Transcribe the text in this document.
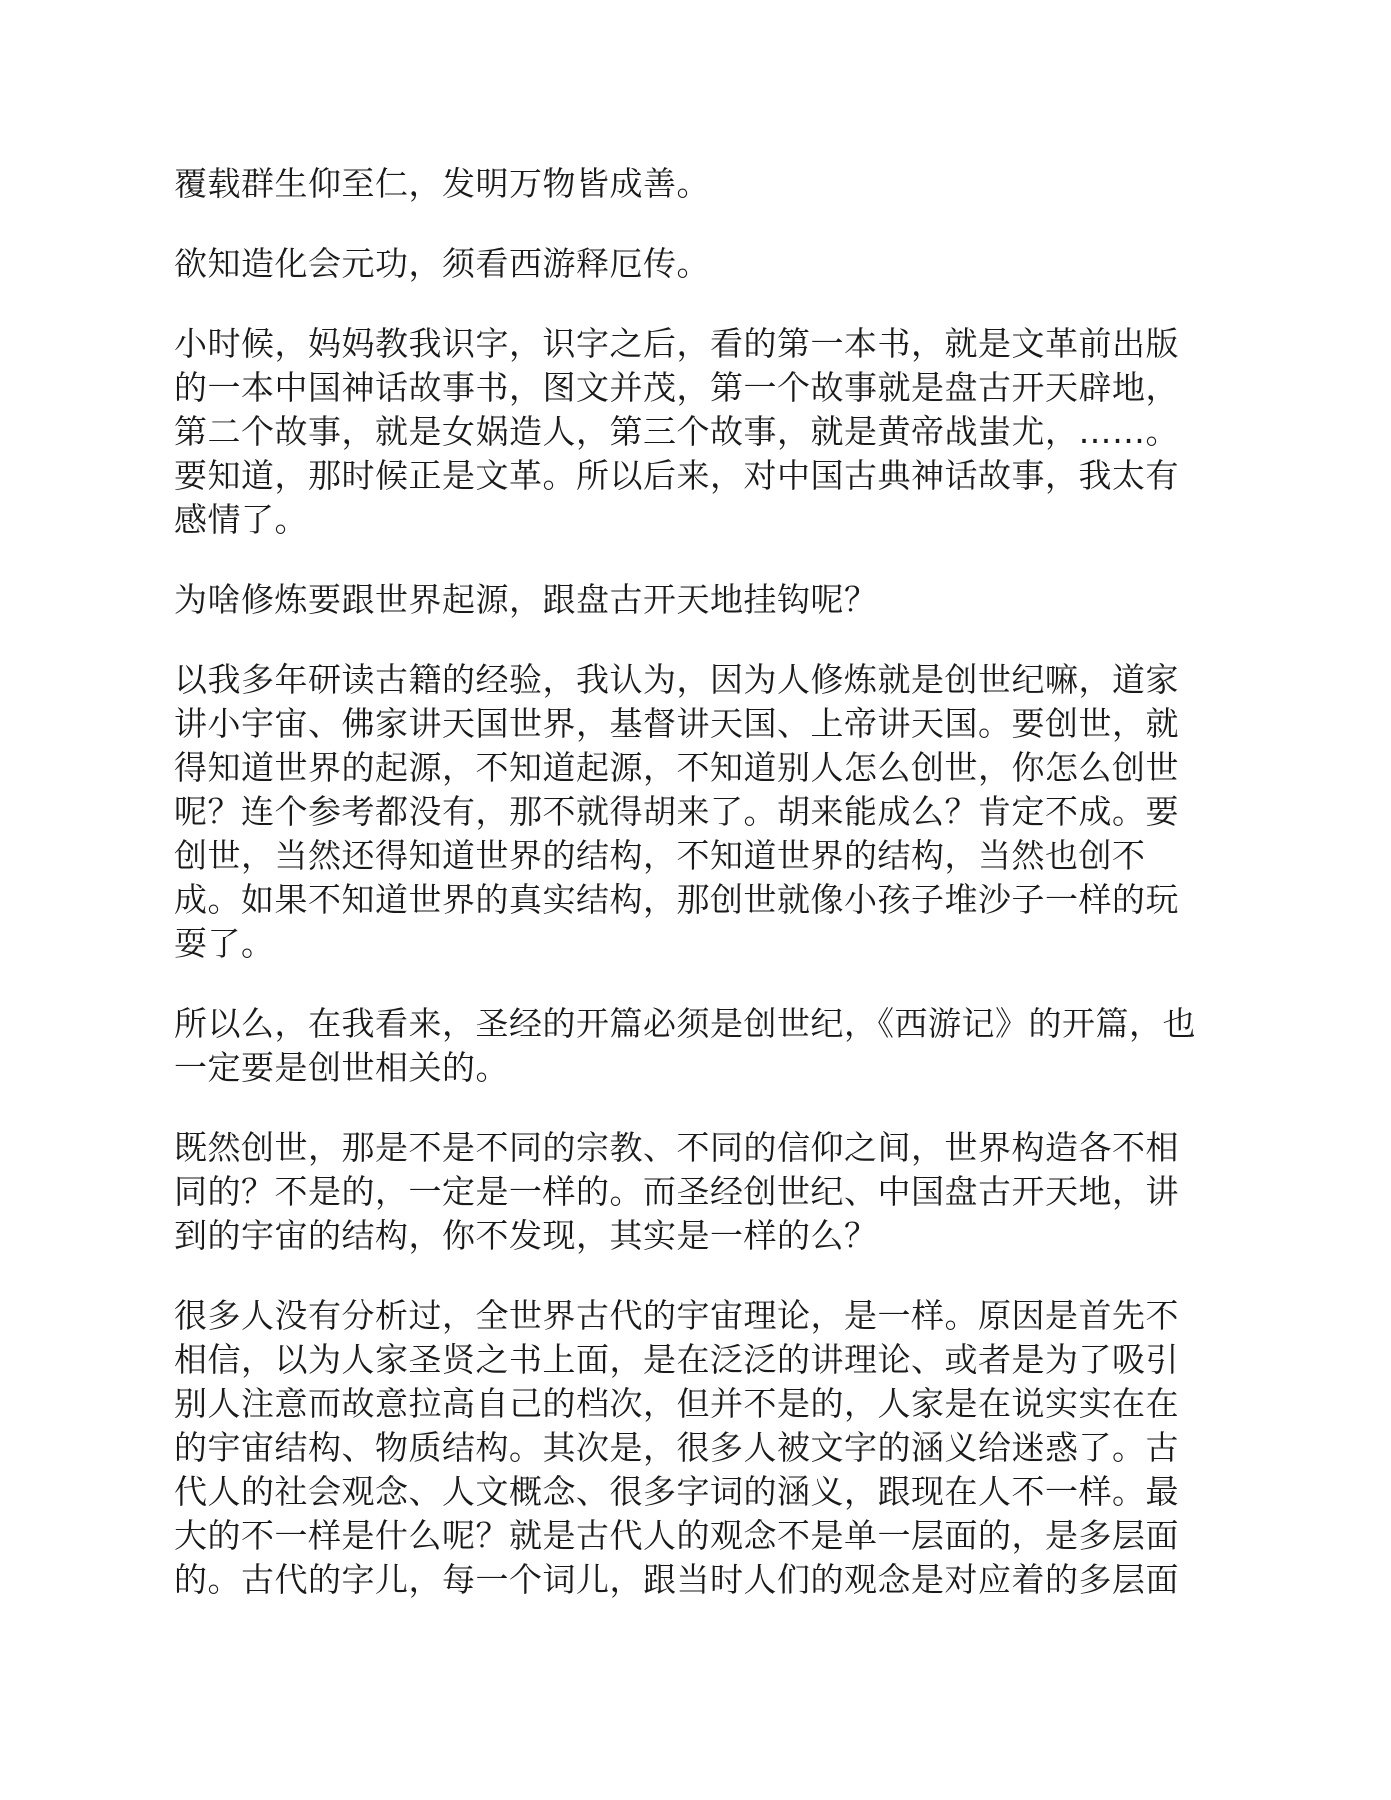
覆载群生仰至仁，发明万物皆成善。

欲知造化会元功，须看西游释厄传。

小时候，妈妈教我识字，识字之后，看的第一本书，就是文革前出版的一本中国神话故事书，图文并茂，第一个故事就是盘古开天辟地，第二个故事，就是女娲造人，第三个故事，就是黄帝战蚩尤，……。要知道，那时候正是文革。所以后来，对中国古典神话故事，我太有感情了。

为啥修炼要跟世界起源，跟盘古开天地挂钩呢？

以我多年研读古籍的经验，我认为，因为人修炼就是创世纪嘛，道家讲小宇宙、佛家讲天国世界，基督讲天国、上帝讲天国。要创世，就得知道世界的起源，不知道起源，不知道别人怎么创世，你怎么创世呢？连个参考都没有，那不就得胡来了。胡来能成么？肯定不成。要创世，当然还得知道世界的结构，不知道世界的结构，当然也创不成。如果不知道世界的真实结构，那创世就像小孩子堆沙子一样的玩耍了。

所以么，在我看来，圣经的开篇必须是创世纪，《西游记》的开篇，也一定要是创世相关的。

既然创世，那是不是不同的宗教、不同的信仰之间，世界构造各不相同的？不是的，一定是一样的。而圣经创世纪、中国盘古开天地，讲到的宇宙的结构，你不发现，其实是一样的么？

很多人没有分析过，全世界古代的宇宙理论，是一样。原因是首先不相信，以为人家圣贤之书上面，是在泛泛的讲理论、或者是为了吸引别人注意而故意拉高自己的档次，但并不是的，人家是在说实实在在的宇宙结构、物质结构。其次是，很多人被文字的涵义给迷惑了。古代人的社会观念、人文概念、很多字词的涵义，跟现在人不一样。最大的不一样是什么呢？就是古代人的观念不是单一层面的，是多层面的。古代的字儿，每一个词儿，跟当时人们的观念是对应着的多层面
